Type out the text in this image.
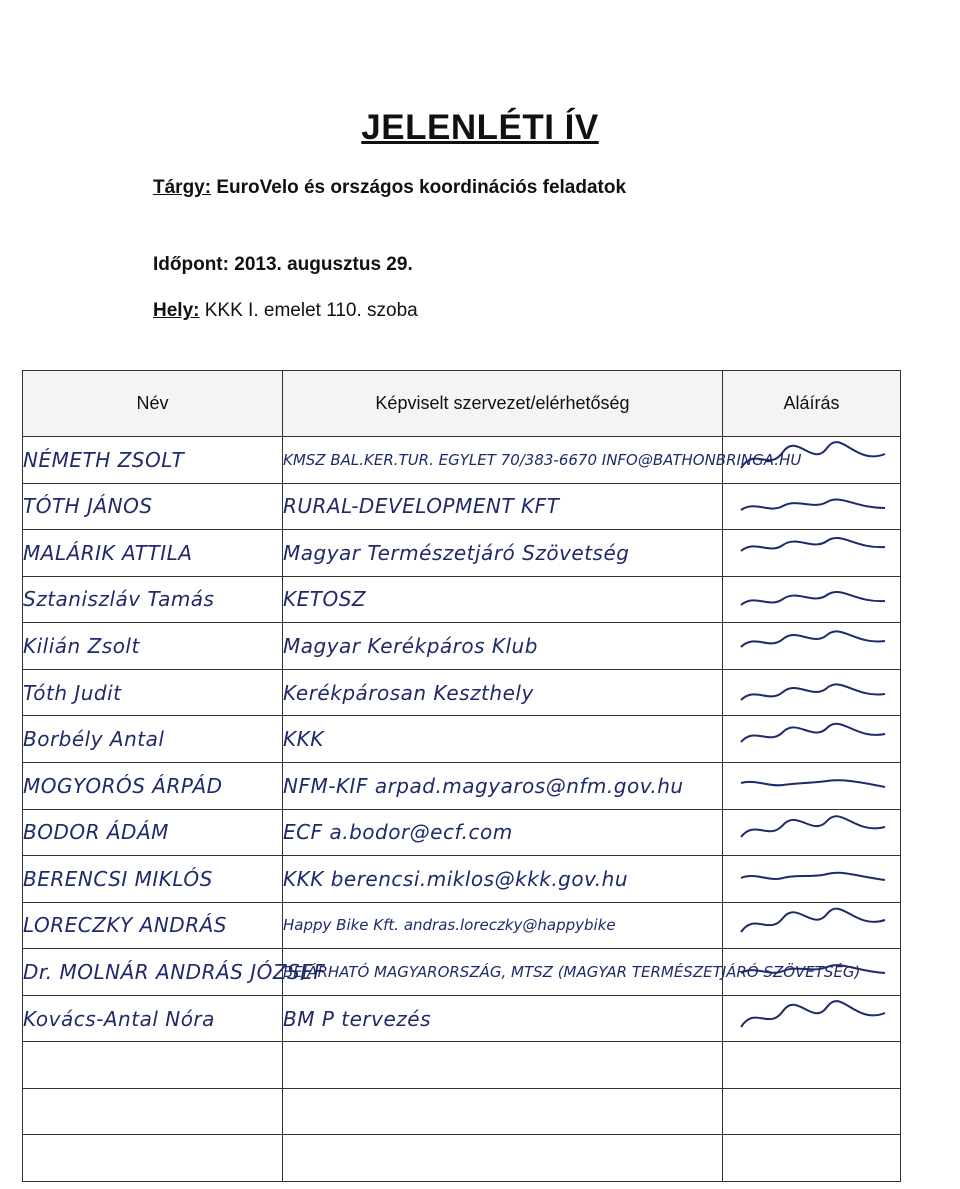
JELENLÉTI ÍV
Tárgy: EuroVelo és országos koordinációs feladatok
Időpont: 2013. augusztus 29.
Hely: KKK I. emelet 110. szoba
Név	Képviselt szervezet/elérhetőség	Aláírás
NÉMETH ZSOLT	KMSZ BAL.KER.TUR. EGYLET 70/383-6670 INFO@BATHONBRINGA.HU	
TÓTH JÁNOS	RURAL-DEVELOPMENT KFT	
MALÁRIK ATTILA	Magyar Természetjáró Szövetség	
Sztaniszláv Tamás	KETOSZ	
Kilián Zsolt	Magyar Kerékpáros Klub	
Tóth Judit	Kerékpárosan Keszthely	
Borbély Antal	KKK	
MOGYORÓS ÁRPÁD	NFM-KIF arpad.magyaros@nfm.gov.hu	
BODOR ÁDÁM	ECF a.bodor@ecf.com	
BERENCSI MIKLÓS	KKK berencsi.miklos@kkk.gov.hu	
LORECZKY ANDRÁS	Happy Bike Kft. andras.loreczky@happybike	
Dr. MOLNÁR ANDRÁS JÓZSEF	BEJÁRHATÓ MAGYARORSZÁG, MTSZ (MAGYAR TERMÉSZETJÁRÓ SZÖVETSÉG)	
Kovács-Antal Nóra	BM P tervezés	
